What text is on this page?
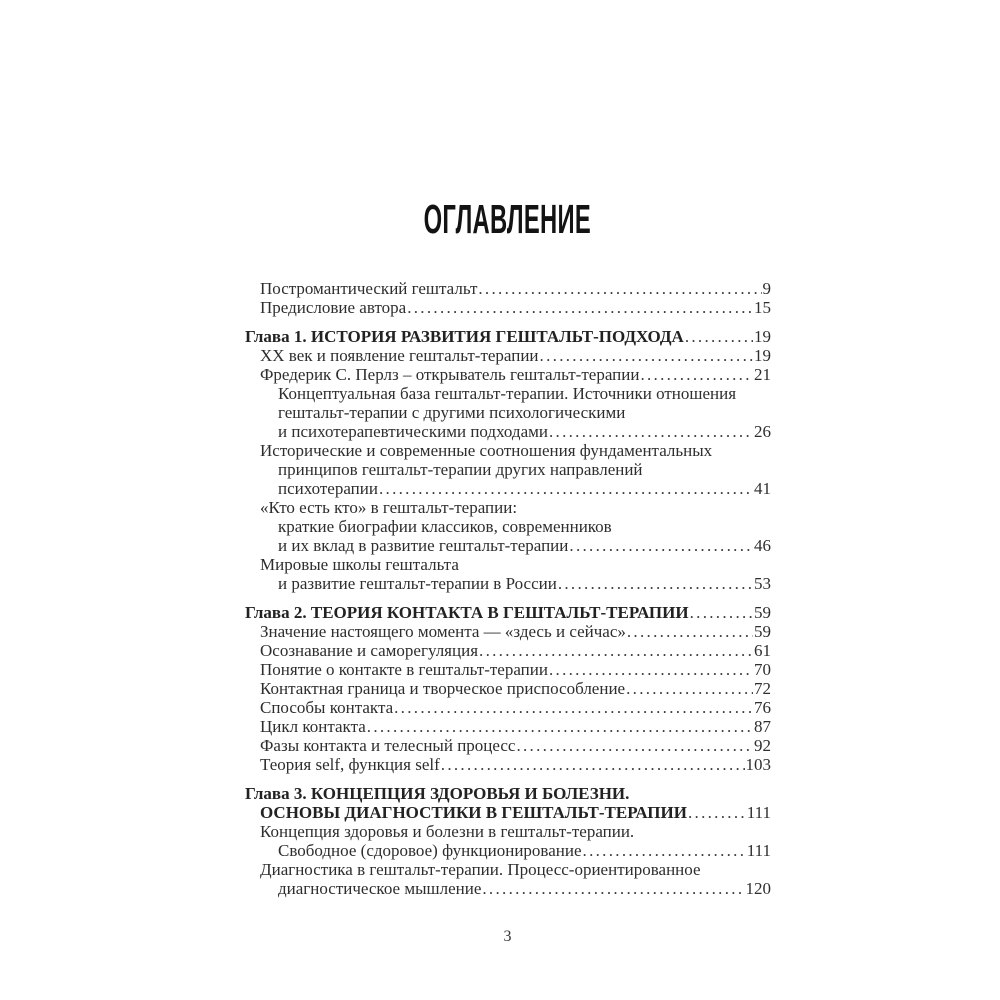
ОГЛАВЛЕНИЕ
Постромантический гештальт .....	9
Предисловие автора .....	15
Глава 1. ИСТОРИЯ РАЗВИТИЯ ГЕШТАЛЬТ-ПОДХОДА .....	19
XX век и появление гештальт-терапии .....	19
Фредерик С. Перлз – открыватель гештальт-терапии .....	21
Концептуальная база гештальт-терапии. Источники отношения
гештальт-терапии с другими психологическими
и психотерапевтическими подходами .....	26
Исторические и современные соотношения фундаментальных
принципов гештальт-терапии других направлений
психотерапии .....	41
«Кто есть кто» в гештальт-терапии:
краткие биографии классиков, современников
и их вклад в развитие гештальт-терапии .....	46
Мировые школы гештальта
и развитие гештальт-терапии в России .....	53
Глава 2. ТЕОРИЯ КОНТАКТА В ГЕШТАЛЬТ-ТЕРАПИИ .....	59
Значение настоящего момента — «здесь и сейчас» .....	59
Осознавание и саморегуляция .....	61
Понятие о контакте в гештальт-терапии .....	70
Контактная граница и творческое приспособление .....	72
Способы контакта .....	76
Цикл контакта .....	87
Фазы контакта и телесный процесс .....	92
Теория self, функция self .....	103
Глава 3. КОНЦЕПЦИЯ ЗДОРОВЬЯ И БОЛЕЗНИ.
ОСНОВЫ ДИАГНОСТИКИ В ГЕШТАЛЬТ-ТЕРАПИИ .....	111
Концепция здоровья и болезни в гештальт-терапии.
Свободное (сдоровое) функционирование .....	111
Диагностика в гештальт-терапии. Процесс-ориентированное
диагностическое мышление .....	120
3
